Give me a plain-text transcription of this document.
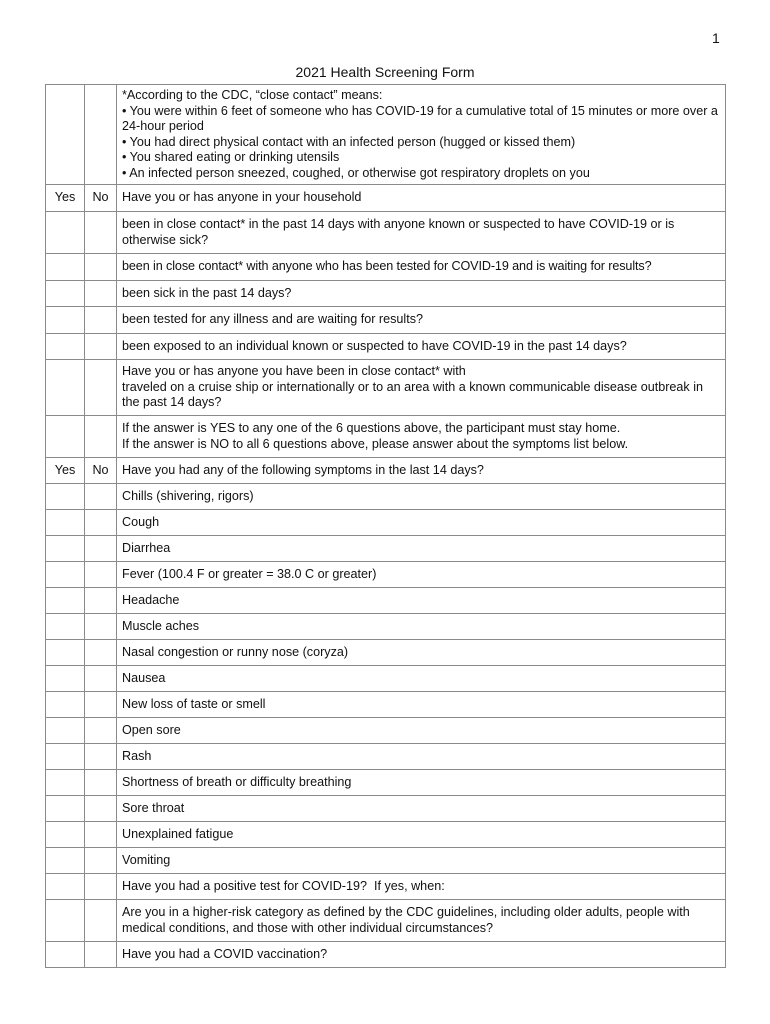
1
2021 Health Screening Form

		*According to the CDC, “close contact” means:
• You were within 6 feet of someone who has COVID-19 for a cumulative total of 15 minutes or more over a 24-hour period
• You had direct physical contact with an infected person (hugged or kissed them)
• You shared eating or drinking utensils
• An infected person sneezed, coughed, or otherwise got respiratory droplets on you

Yes	No	Have you or has anyone in your household
		been in close contact* in the past 14 days with anyone known or suspected to have COVID-19 or is otherwise sick?
		been in close contact* with anyone who has been tested for COVID-19 and is waiting for results?
		been sick in the past 14 days?
		been tested for any illness and are waiting for results?
		been exposed to an individual known or suspected to have COVID-19 in the past 14 days?

		Have you or has anyone you have been in close contact* with
traveled on a cruise ship or internationally or to an area with a known communicable disease outbreak in the past 14 days?

		If the answer is YES to any one of the 6 questions above, the participant must stay home.
If the answer is NO to all 6 questions above, please answer about the symptoms list below.

Yes	No	Have you had any of the following symptoms in the last 14 days?
		Chills (shivering, rigors)
		Cough
		Diarrhea
		Fever (100.4 F or greater = 38.0 C or greater)
		Headache
		Muscle aches
		Nasal congestion or runny nose (coryza)
		Nausea
		New loss of taste or smell
		Open sore
		Rash
		Shortness of breath or difficulty breathing
		Sore throat
		Unexplained fatigue
		Vomiting
		Have you had a positive test for COVID-19?  If yes, when:
		Are you in a higher-risk category as defined by the CDC guidelines, including older adults, people with medical conditions, and those with other individual circumstances?
		Have you had a COVID vaccination?
